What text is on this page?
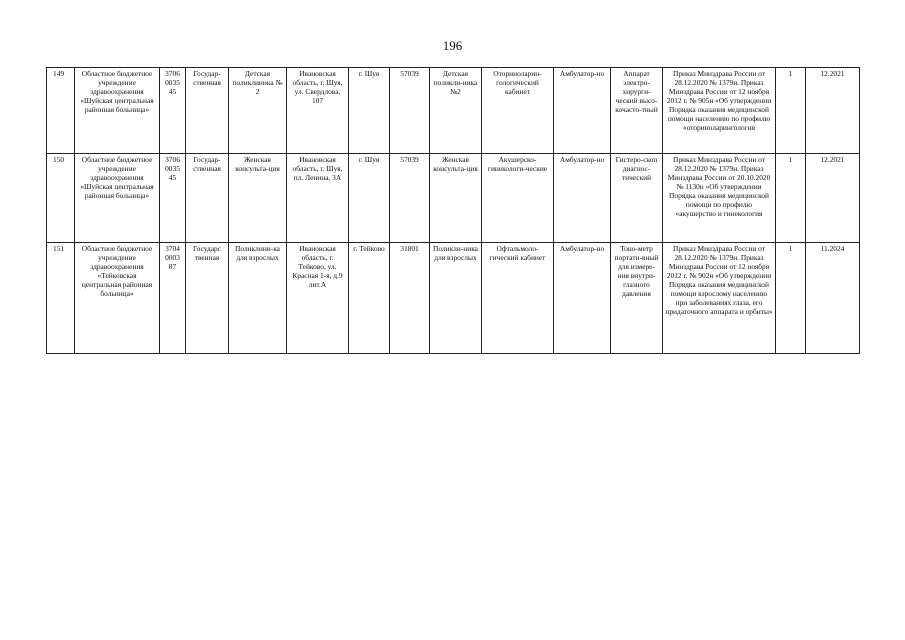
196
149	Областное бюджетное учреждение здравоохранения «Шуйская центральная районная больница»	3706 0035 45	Государ-ственная	Детская поликлиника № 2	Ивановская область, г. Шуя, ул. Свердлова, 107	г. Шуя	57039	Детская поликли-ника №2	Оториноларин-гологический кабинет	Амбулатор-но	Аппарат электро-хирурги-ческий высо-кочасто-тный	Приказ Минздрава России от 28.12.2020 № 1379н. Приказ Минздрава России от 12 ноября 2012 г. № 905н «Об утверждении Порядка оказания медицинской помощи населению по профилю «оториноларингология	1	12.2021
150	Областное бюджетное учреждение здравоохранения «Шуйская центральная районная больница»	3706 0035 45	Государ-ственная	Женская консульта-ция	Ивановская область, г. Шуя, пл. Ленина, 3А	г. Шуя	57039	Женская консульта-ция	Акушерско-гинекологи-ческие	Амбулатор-но	Гистеро-скоп диагнос-тический	Приказ Минздрава России от 28.12.2020 № 1379н. Приказ Минздрава России от 20.10.2020 № 1130н «Об утверждении Порядка оказания медицинской помощи по профилю «акушерство и гинекология	1	12.2021
151	Областное бюджетное учреждение здравоохранения «Тейковская центральная районная больница»	3704 0003 87	Государс твенная	Поликлини-ка для взрослых	Ивановская область, г. Тейково, ул. Красная 1-я, д.9 лит.А	г. Тейково	31801	Поликли-ника для взрослых	Офтальмоло-гический кабинет	Амбулатор-но	Тоно-метр портати-вный для измере-ния внутри-глазного давления	Приказ Минздрава России от 28.12.2020 № 1379н. Приказ Минздрава России от 12 ноября 2012 г. № 902н «Об утверждении Порядка оказания медицинской помощи взрослому населению при заболеваниях глаза, его придаточного аппарата и орбиты»	1	11.2024
